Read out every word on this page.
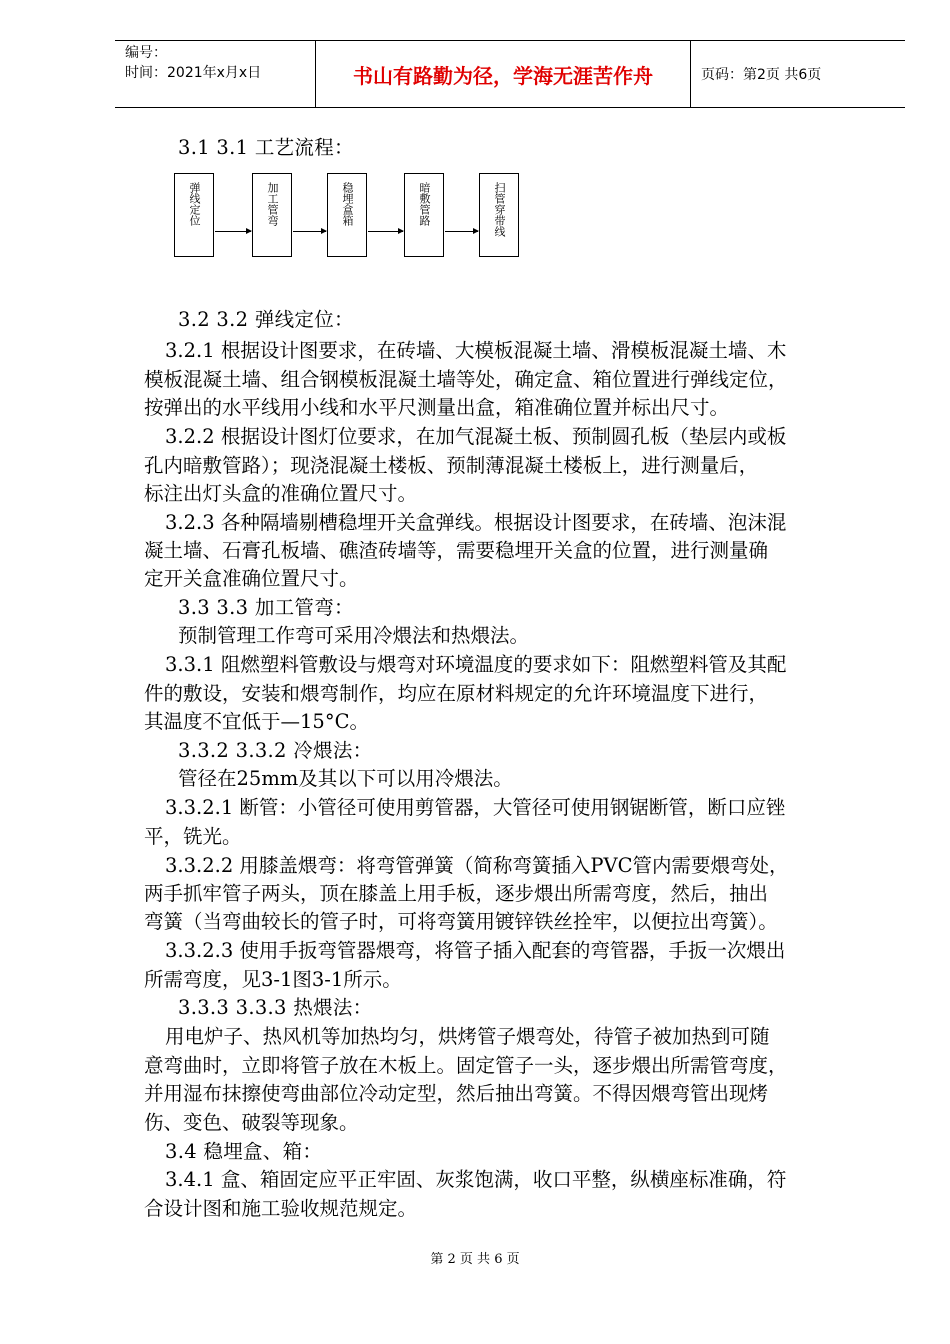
编号：
时间：2021年x月x日	书山有路勤为径，学海无涯苦作舟	页码：第2页 共6页
3.1 3.1 工艺流程：
弹线定位	加工管弯	稳埋盒箱	暗敷管路	扫管穿带线
3.2 3.2 弹线定位：
3.2.1 根据设计图要求，在砖墙、大模板混凝土墙、滑模板混凝土墙、木
模板混凝土墙、组合钢模板混凝土墙等处，确定盒、箱位置进行弹线定位，
按弹出的水平线用小线和水平尺测量出盒，箱准确位置并标出尺寸。
3.2.2 根据设计图灯位要求，在加气混凝土板、预制圆孔板（垫层内或板
孔内暗敷管路）；现浇混凝土楼板、预制薄混凝土楼板上，进行测量后，
标注出灯头盒的准确位置尺寸。
3.2.3 各种隔墙剔槽稳埋开关盒弹线。根据设计图要求，在砖墙、泡沫混
凝土墙、石膏孔板墙、礁渣砖墙等，需要稳埋开关盒的位置，进行测量确
定开关盒准确位置尺寸。
3.3 3.3 加工管弯：
预制管理工作弯可采用冷煨法和热煨法。
3.3.1 阻燃塑料管敷设与煨弯对环境温度的要求如下：阻燃塑料管及其配
件的敷设，安装和煨弯制作，均应在原材料规定的允许环境温度下进行，
其温度不宜低于—15°C。
3.3.2 3.3.2 冷煨法：
管径在25mm及其以下可以用冷煨法。
3.3.2.1 断管：小管径可使用剪管器，大管径可使用钢锯断管，断口应锉
平，铣光。
3.3.2.2 用膝盖煨弯：将弯管弹簧（简称弯簧插入PVC管内需要煨弯处，
两手抓牢管子两头，顶在膝盖上用手板，逐步煨出所需弯度，然后，抽出
弯簧（当弯曲较长的管子时，可将弯簧用镀锌铁丝拴牢，以便拉出弯簧）。
3.3.2.3 使用手扳弯管器煨弯，将管子插入配套的弯管器，手扳一次煨出
所需弯度，见3-1图3-1所示。
3.3.3 3.3.3 热煨法：
用电炉子、热风机等加热均匀，烘烤管子煨弯处，待管子被加热到可随
意弯曲时，立即将管子放在木板上。固定管子一头，逐步煨出所需管弯度，
并用湿布抹擦使弯曲部位冷动定型，然后抽出弯簧。不得因煨弯管出现烤
伤、变色、破裂等现象。
3.4 稳埋盒、箱：
3.4.1 盒、箱固定应平正牢固、灰浆饱满，收口平整，纵横座标准确，符
合设计图和施工验收规范规定。
第 2 页 共 6 页
